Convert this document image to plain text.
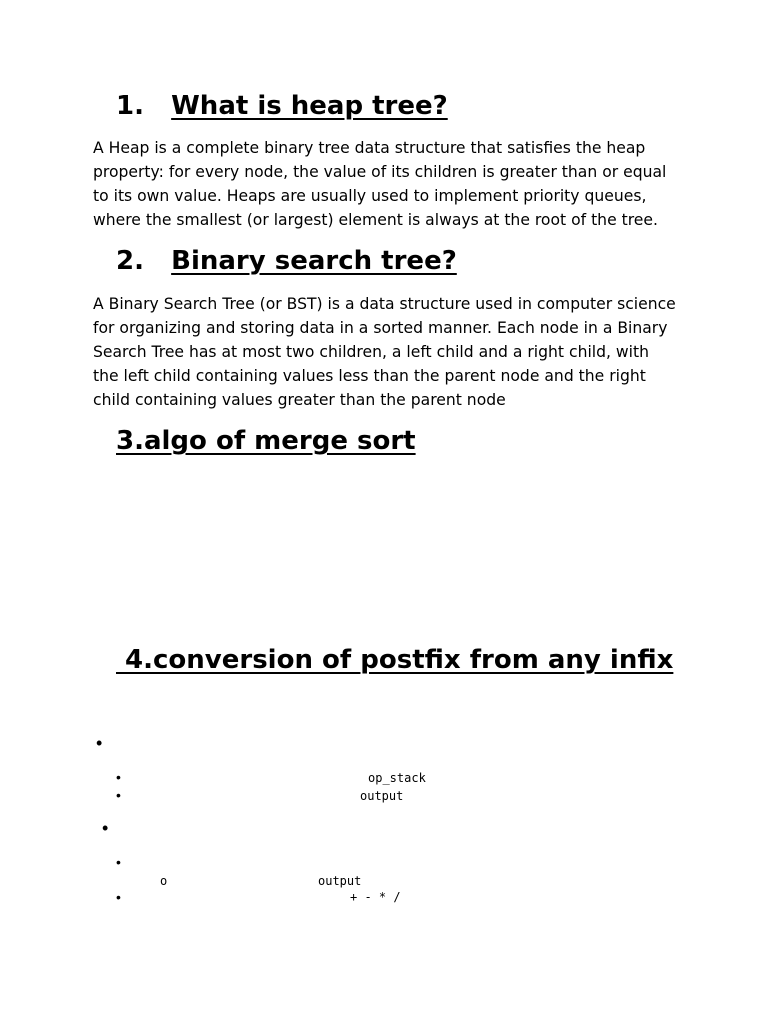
1. What is heap tree?
A Heap is a complete binary tree data structure that satisfies the heap
property: for every node, the value of its children is greater than or equal
to its own value. Heaps are usually used to implement priority queues,
where the smallest (or largest) element is always at the root of the tree.
2. Binary search tree?
A Binary Search Tree (or BST) is a data structure used in computer science
for organizing and storing data in a sorted manner. Each node in a Binary
Search Tree has at most two children, a left child and a right child, with
the left child containing values less than the parent node and the right
child containing values greater than the parent node
3.algo of merge sort
4.conversion of postfix from any infix
•
•	op_stack
•	output
•
•
o	output
•	+ - * /
